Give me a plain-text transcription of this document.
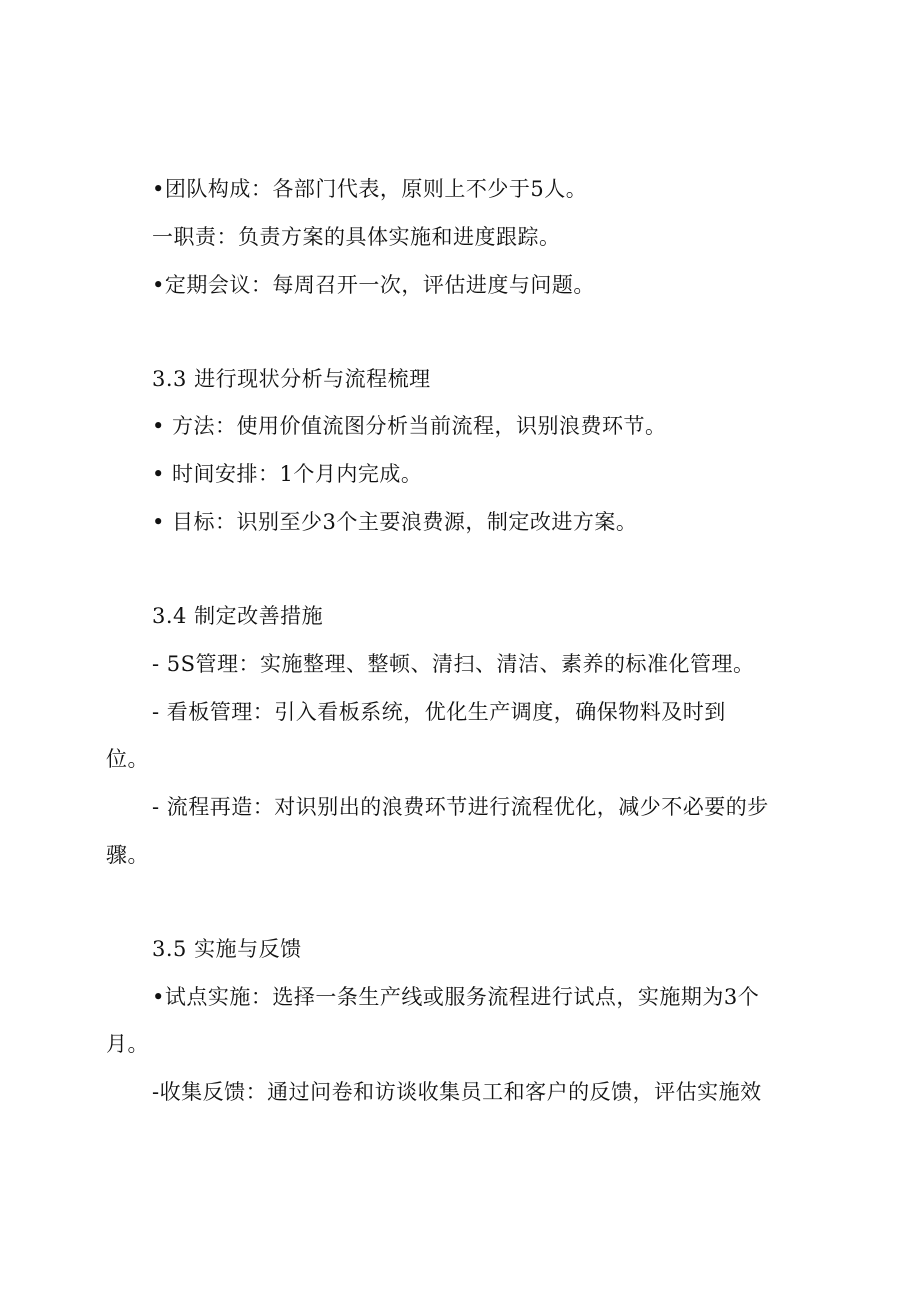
•团队构成：各部门代表，原则上不少于5人。
一职责：负责方案的具体实施和进度跟踪。
•定期会议：每周召开一次，评估进度与问题。
3.3 进行现状分析与流程梳理
• 方法：使用价值流图分析当前流程，识别浪费环节。
• 时间安排：1个月内完成。
• 目标：识别至少3个主要浪费源，制定改进方案。
3.4 制定改善措施
- 5S管理：实施整理、整顿、清扫、清洁、素养的标准化管理。
- 看板管理：引入看板系统，优化生产调度，确保物料及时到
位。
- 流程再造：对识别出的浪费环节进行流程优化，减少不必要的步
骤。
3.5 实施与反馈
•试点实施：选择一条生产线或服务流程进行试点，实施期为3个
月。
-收集反馈：通过问卷和访谈收集员工和客户的反馈，评估实施效
